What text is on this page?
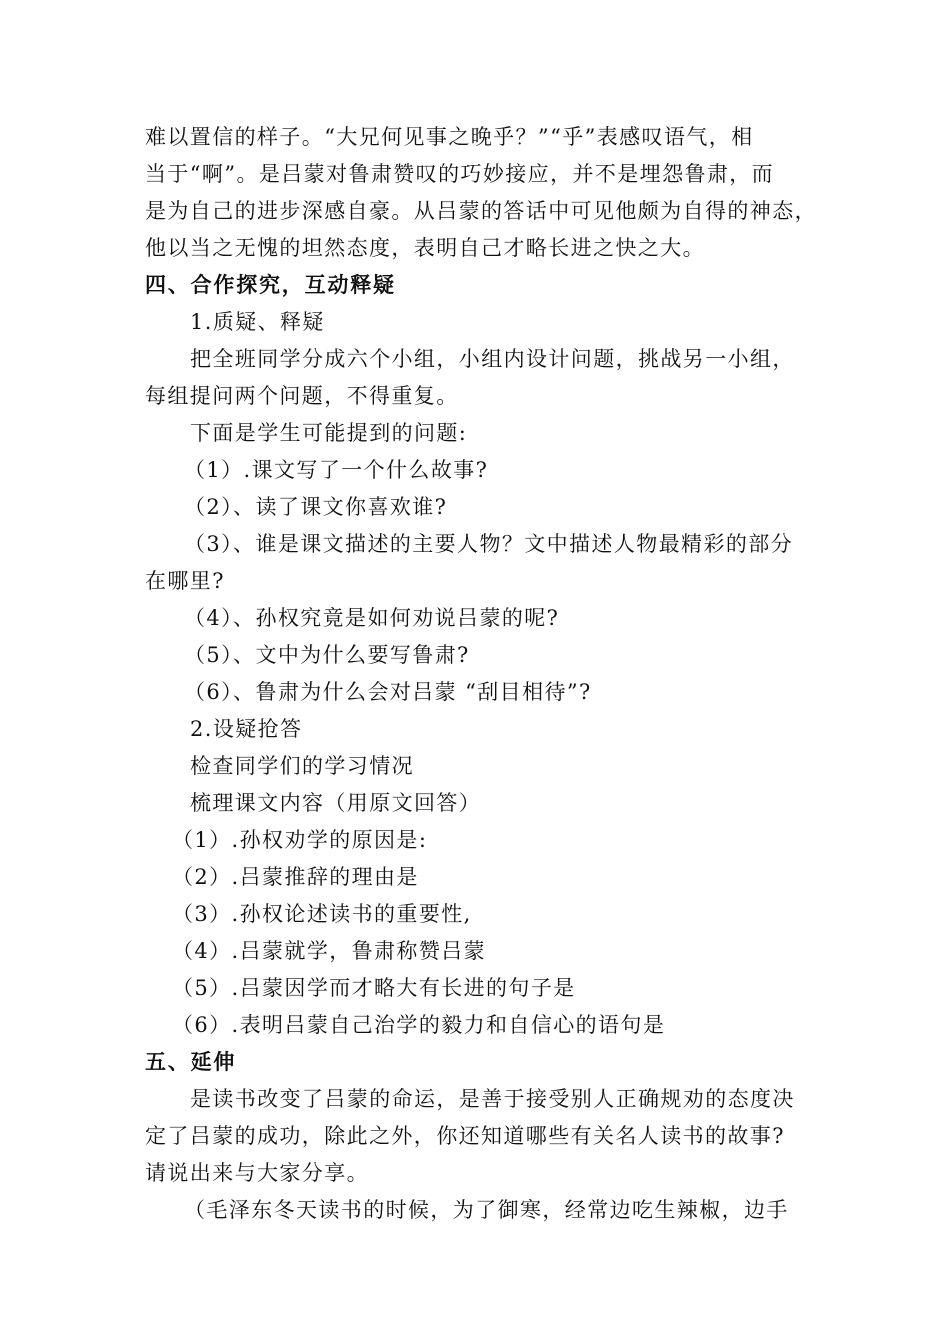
难以置信的样子。“大兄何见事之晚乎？”“乎”表感叹语气，相
当于“啊”。是吕蒙对鲁肃赞叹的巧妙接应，并不是埋怨鲁肃，而
是为自己的进步深感自豪。从吕蒙的答话中可见他颇为自得的神态，
他以当之无愧的坦然态度，表明自己才略长进之快之大。
四、合作探究，互动释疑
1.质疑、释疑
把全班同学分成六个小组，小组内设计问题，挑战另一小组，
每组提问两个问题，不得重复。
下面是学生可能提到的问题:
（1）.课文写了一个什么故事?
（2）、读了课文你喜欢谁?
（3）、谁是课文描述的主要人物？文中描述人物最精彩的部分
在哪里?
（4）、孙权究竟是如何劝说吕蒙的呢?
（5）、文中为什么要写鲁肃?
（6）、鲁肃为什么会对吕蒙 “刮目相待”?
2.设疑抢答
检查同学们的学习情况
梳理课文内容（用原文回答）
（1）.孙权劝学的原因是:
（2）.吕蒙推辞的理由是
（3）.孙权论述读书的重要性,
（4）.吕蒙就学，鲁肃称赞吕蒙
（5）.吕蒙因学而才略大有长进的句子是
（6）.表明吕蒙自己治学的毅力和自信心的语句是
五、延伸
是读书改变了吕蒙的命运，是善于接受别人正确规劝的态度决
定了吕蒙的成功，除此之外，你还知道哪些有关名人读书的故事?
请说出来与大家分享。
（毛泽东冬天读书的时候，为了御寒，经常边吃生辣椒，边手
